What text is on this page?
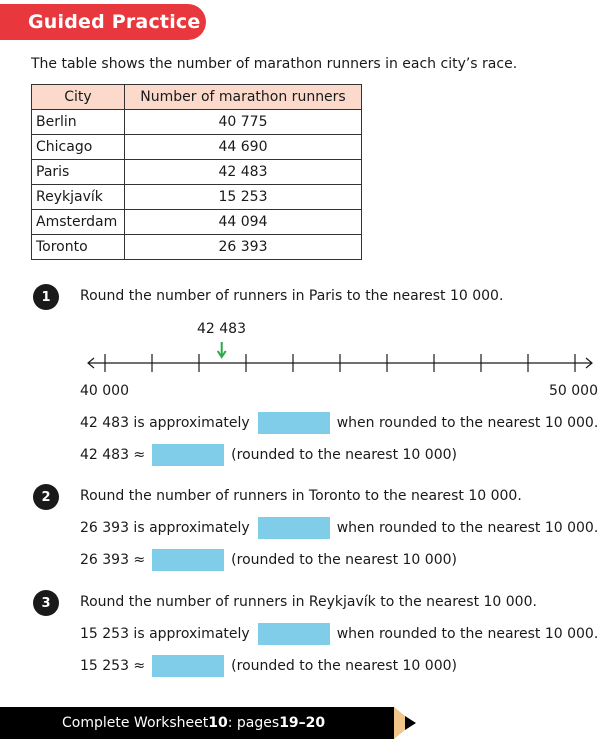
Guided Practice
The table shows the number of marathon runners in each city’s race.
City	Number of marathon runners
Berlin	40 775
Chicago	44 690
Paris	42 483
Reykjavík	15 253
Amsterdam	44 094
Toronto	26 393
1	Round the number of runners in Paris to the nearest 10 000.
42 483
40 000	50 000
42 483 is approximately	when rounded to the nearest 10 000.
42 483 ≈	(rounded to the nearest 10 000)
2	Round the number of runners in Toronto to the nearest 10 000.
26 393 is approximately	when rounded to the nearest 10 000.
26 393 ≈	(rounded to the nearest 10 000)
3	Round the number of runners in Reykjavík to the nearest 10 000.
15 253 is approximately	when rounded to the nearest 10 000.
15 253 ≈	(rounded to the nearest 10 000)
Complete Worksheet 10 : pages 19–20
